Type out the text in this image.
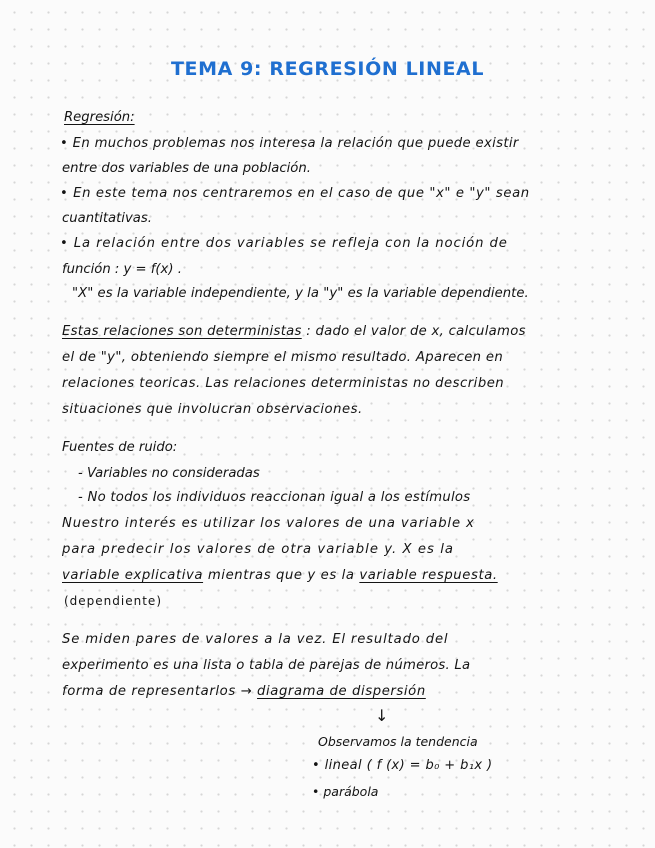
TEMA 9: REGRESIÓN LINEAL
Regresión:
• En muchos problemas nos interesa la relación que puede existir
entre dos variables de una población.
• En este tema nos centraremos en el caso de que "x" e "y" sean
cuantitativas.
• La relación entre dos variables se refleja con la noción de
función : y = f(x) .
"X" es la variable independiente, y la "y" es la variable dependiente.
Estas relaciones son deterministas : dado el valor de x, calculamos
el de "y", obteniendo siempre el mismo resultado. Aparecen en
relaciones teoricas. Las relaciones deterministas no describen
situaciones que involucran observaciones.
Fuentes de ruido:
- Variables no consideradas
- No todos los individuos reaccionan igual a los estímulos
Nuestro interés es utilizar los valores de una variable x
para predecir los valores de otra variable y. X es la
variable explicativa mientras que y es la variable respuesta.
(dependiente)
Se miden pares de valores a la vez. El resultado del
experimento es una lista o tabla de parejas de números. La
forma de representarlos → diagrama de dispersión
↓
Observamos la tendencia
• lineal ( f (x) = b₀ + b₁x )
• parábola
